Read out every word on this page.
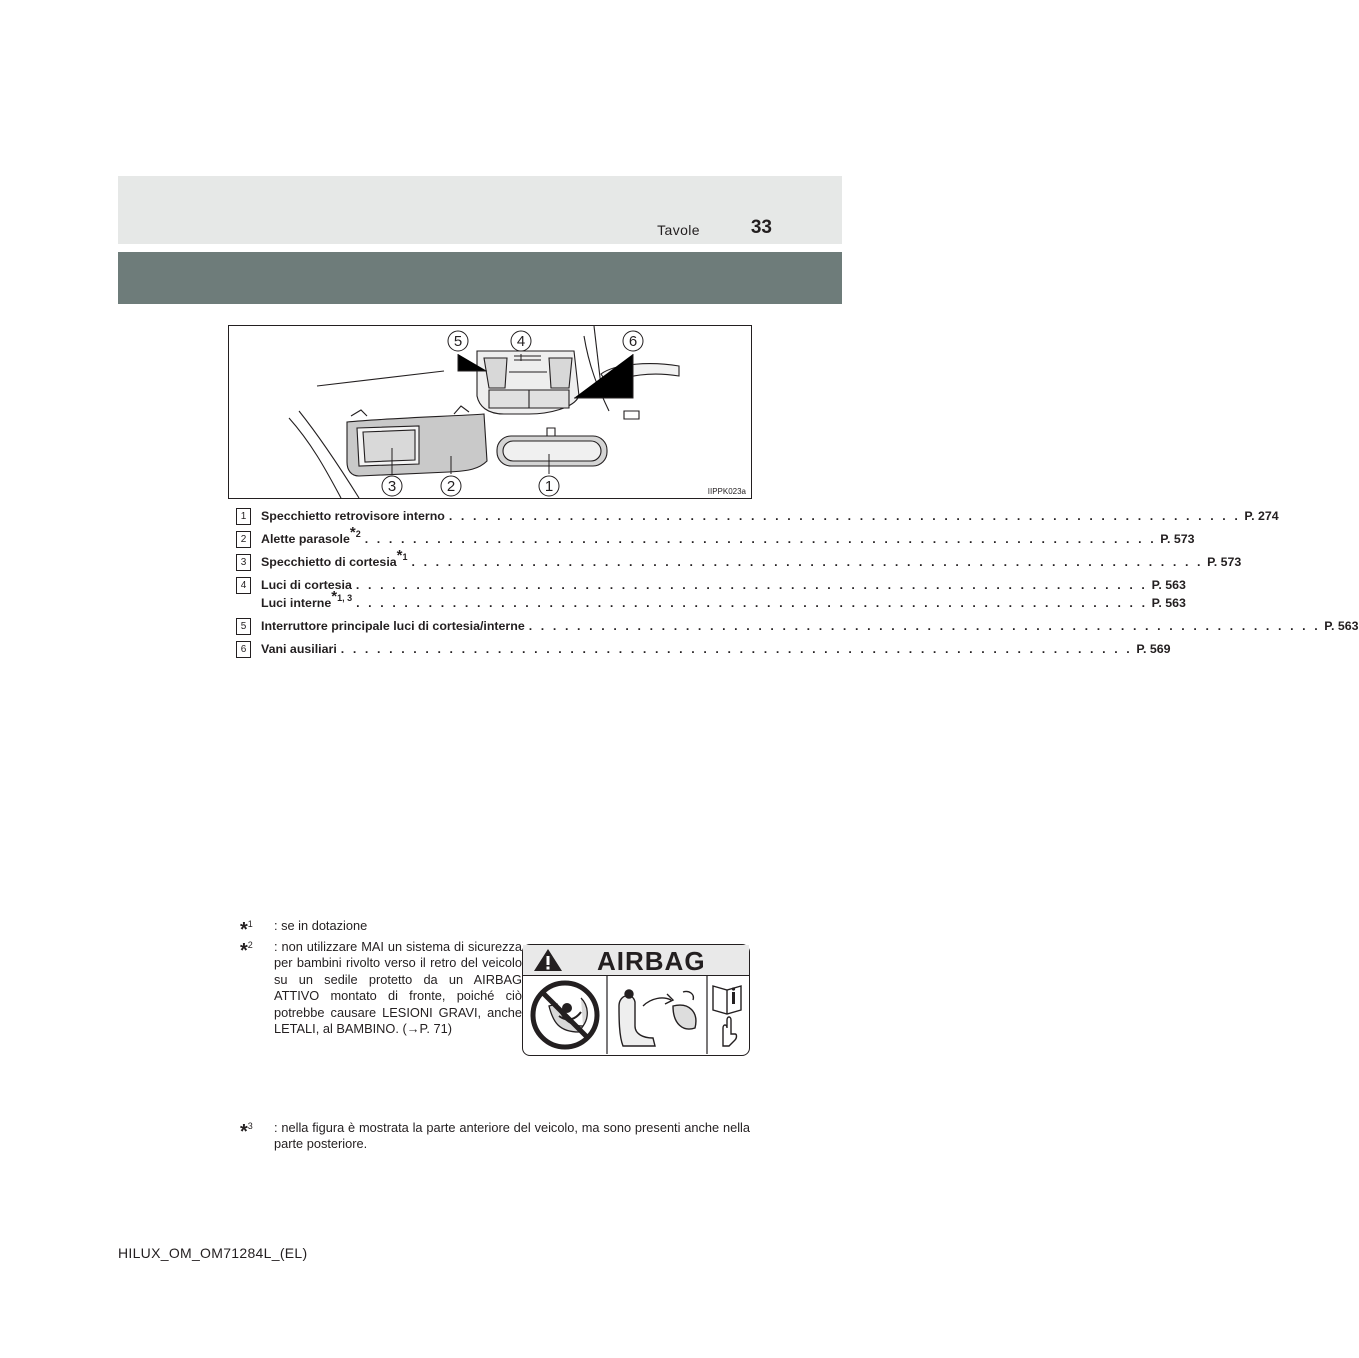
Tavole	33
5	4	6
3	2	1	IIPPK023a
1	Specchietto retrovisore interno . . .	P. 274
2	Alette parasole$^{*2}$ . . .	P. 573
3	Specchietto di cortesia$^{*1}$ . . .	P. 573
4	Luci di cortesia . . .	P. 563
Luci interne$^{*1, 3}$ . . .	P. 563
5	Interruttore principale luci di cortesia/interne . . .	P. 563
6	Vani ausiliari . . .	P. 569
*$^1$ : se in dotazione
*$^2$ : non utilizzare MAI un sistema di sicurezza per bambini rivolto verso il retro del veicolo su un sedile protetto da un AIRBAG ATTIVO montato di fronte, poiché ciò potrebbe causare LESIONI GRAVI, anche LETALI, al BAMBINO. (→P. 71)
*$^3$ : nella figura è mostrata la parte anteriore del veicolo, ma sono presenti anche nella parte posteriore.
AIRBAG
HILUX_OM_OM71284L_(EL)
